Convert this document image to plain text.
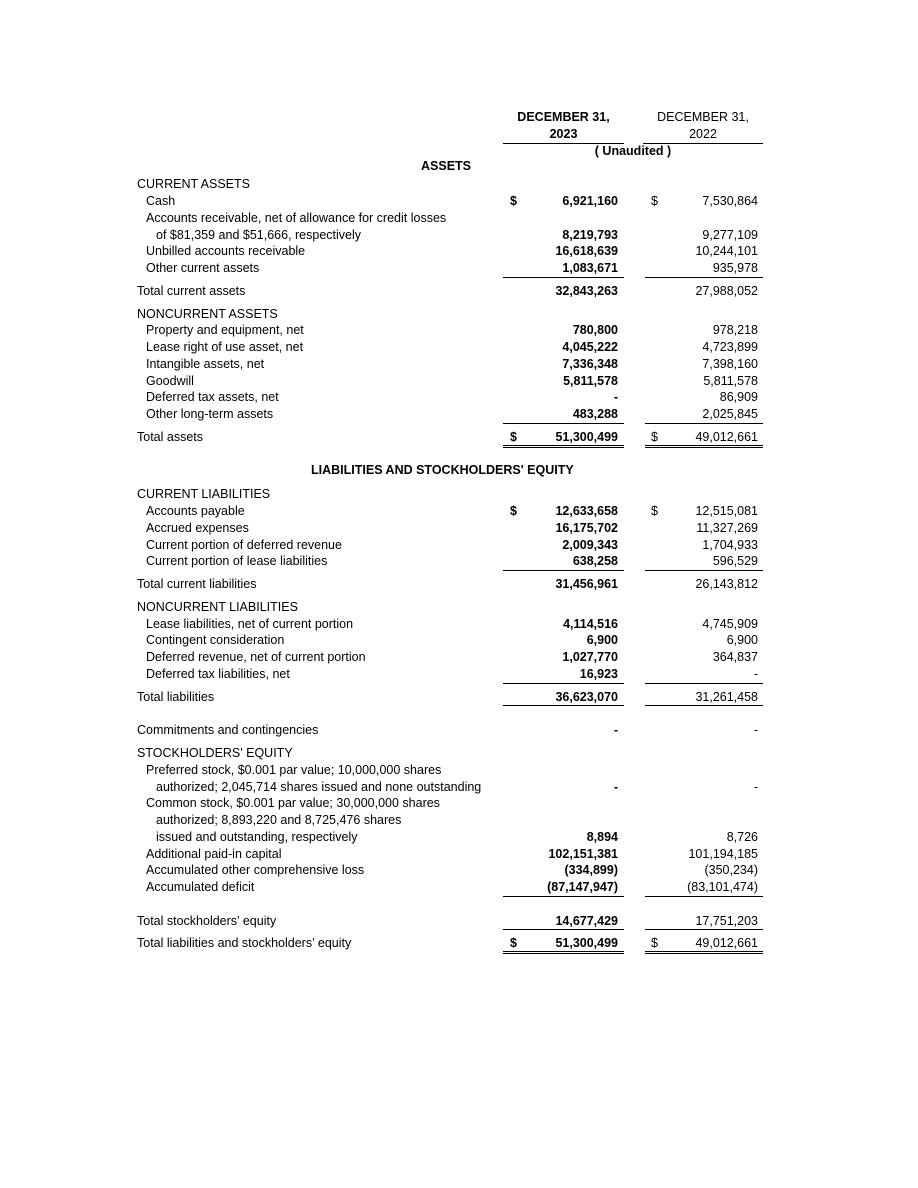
DECEMBER 31,
2023
DECEMBER 31,
2022
( Unaudited )
ASSETS
CURRENT ASSETS
Cash	$	6,921,160	$	7,530,864
Accounts receivable, net of allowance for credit losses
of $81,359 and $51,666, respectively	8,219,793	9,277,109
Unbilled accounts receivable	16,618,639	10,244,101
Other current assets	1,083,671	935,978
Total current assets	32,843,263	27,988,052
NONCURRENT ASSETS
Property and equipment, net	780,800	978,218
Lease right of use asset, net	4,045,222	4,723,899
Intangible assets, net	7,336,348	7,398,160
Goodwill	5,811,578	5,811,578
Deferred tax assets, net	-	86,909
Other long-term assets	483,288	2,025,845
Total assets	$	51,300,499	$	49,012,661
LIABILITIES AND STOCKHOLDERS' EQUITY
CURRENT LIABILITIES
Accounts payable	$	12,633,658	$	12,515,081
Accrued expenses	16,175,702	11,327,269
Current portion of deferred revenue	2,009,343	1,704,933
Current portion of lease liabilities	638,258	596,529
Total current liabilities	31,456,961	26,143,812
NONCURRENT LIABILITIES
Lease liabilities, net of current portion	4,114,516	4,745,909
Contingent consideration	6,900	6,900
Deferred revenue, net of current portion	1,027,770	364,837
Deferred tax liabilities, net	16,923	-
Total liabilities	36,623,070	31,261,458
Commitments and contingencies	-	-
STOCKHOLDERS' EQUITY
Preferred stock, $0.001 par value; 10,000,000 shares
authorized; 2,045,714 shares issued and none outstanding	-	-
Common stock, $0.001 par value; 30,000,000 shares
authorized; 8,893,220 and 8,725,476 shares
issued and outstanding, respectively	8,894	8,726
Additional paid-in capital	102,151,381	101,194,185
Accumulated other comprehensive loss	(334,899)	(350,234)
Accumulated deficit	(87,147,947)	(83,101,474)
Total stockholders’ equity	14,677,429	17,751,203
Total liabilities and stockholders’ equity	$	51,300,499	$	49,012,661
